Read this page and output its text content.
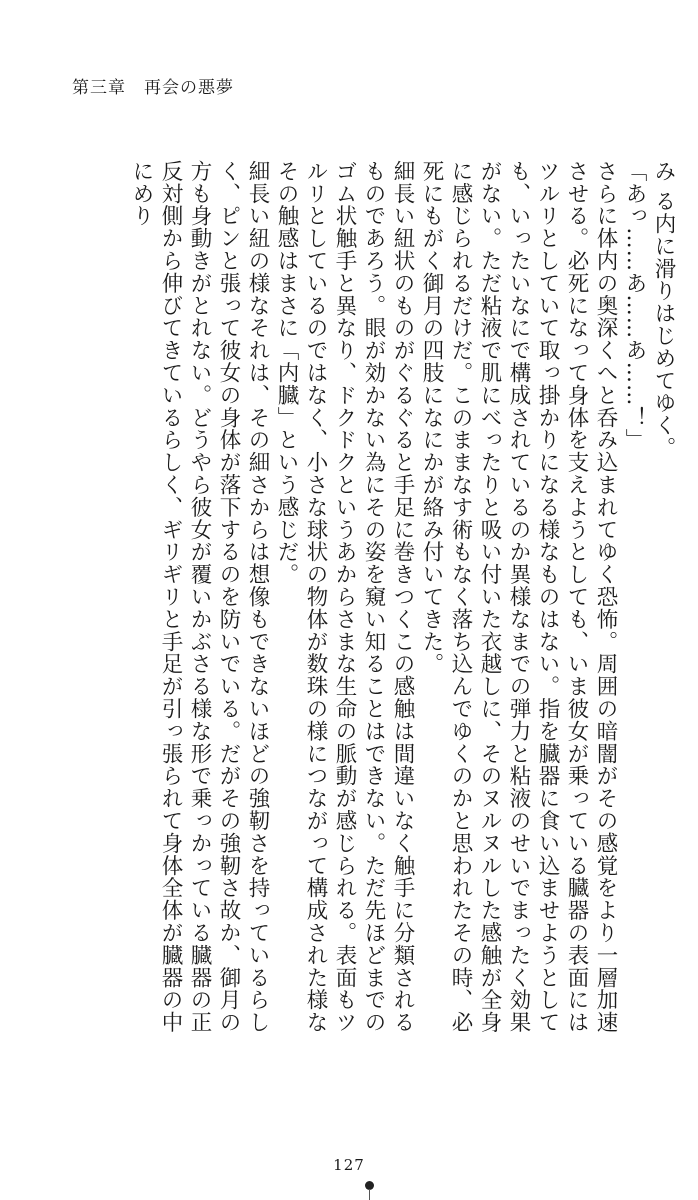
第三章　再会の悪夢

み る内に滑りはじめてゆく。

「あっ……あ……あ……！」

さらに体内の奥深くへと呑み込まれてゆく恐怖。周囲の暗闇がその感覚をより一層加速させる。必死になって身体を支えようとしても、いま彼女が乗っている臓器の表面にはツルリとしていて取っ掛かりになる様なものはない。指を臓器に食い込ませようとしても、いったいなにで構成されているのか異様なまでの弾力と粘液のせいでまったく効果がない。ただ粘液で肌にべったりと吸い付いた衣越しに、そのヌルヌルした感触が全身に感じられるだけだ。このままなす術もなく落ち込んでゆくのかと思われたその時、必死にもがく御月の四肢になにかが絡み付いてきた。

細長い紐状のものがぐるぐると手足に巻きつくこの感触は間違いなく触手に分類されるものであろう。眼が効かない為にその姿を窺い知ることはできない。ただ先ほどまでのゴム状触手と異なり、ドクドクというあからさまな生命の脈動が感じられる。表面もツルリとしているのではなく、小さな球状の物体が数珠の様につながって構成された様なその触感はまさに「内臓」という感じだ。

細長い紐の様なそれは、その細さからは想像もできないほどの強靭さを持っているらしく、ピンと張って彼女の身体が落下するのを防いでいる。だがその強靭さ故か、御月の方も身動きがとれない。どうやら彼女が覆いかぶさる様な形で乗っかっている臓器の正反対側から伸びてきているらしく、ギリギリと手足が引っ張られて身体全体が臓器の中にめり

127
